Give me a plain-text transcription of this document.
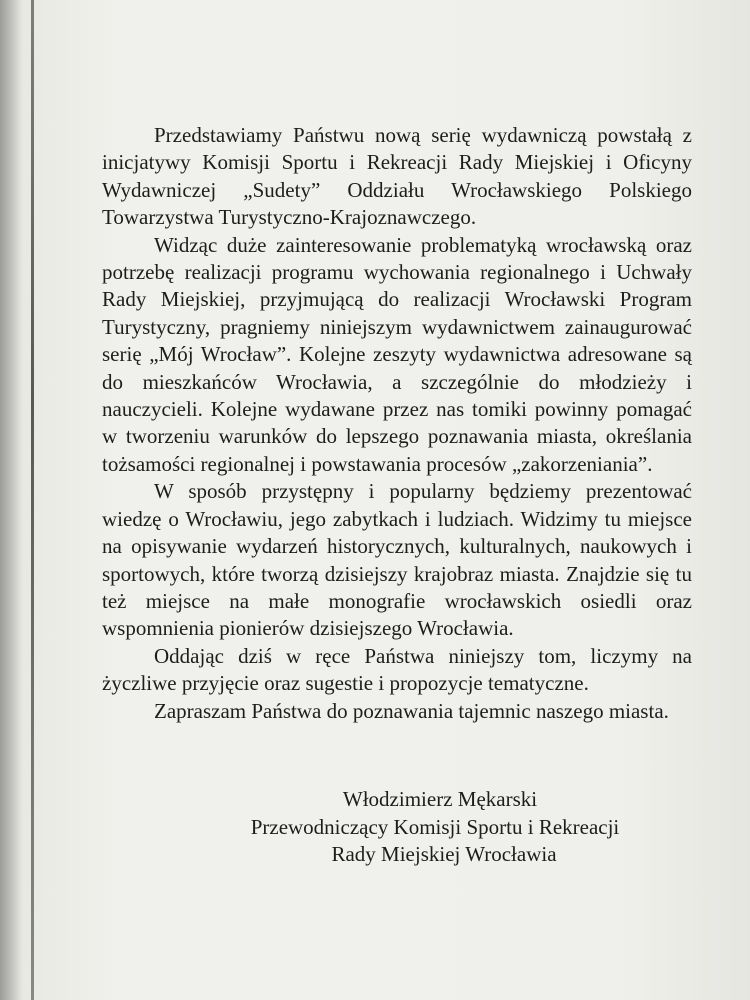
Przedstawiamy Państwu nową serię wydawniczą powstałą z inicjatywy Komisji Sportu i Rekreacji Rady Miejskiej i Oficyny Wydawniczej „Sudety” Oddziału Wrocławskiego Polskiego Towarzystwa Turystyczno-Krajoznawczego.

Widząc duże zainteresowanie problematyką wrocławską oraz potrzebę realizacji programu wychowania regionalnego i Uchwały Rady Miejskiej, przyjmującą do realizacji Wrocławski Program Turystyczny, pragniemy niniejszym wydawnictwem zainaugurować serię „Mój Wrocław”. Kolejne zeszyty wydawnictwa adresowane są do mieszkańców Wrocławia, a szczególnie do młodzieży i nauczycieli. Kolejne wydawane przez nas tomiki powinny pomagać w tworzeniu warunków do lepszego poznawania miasta, określania tożsamości regionalnej i powstawania procesów „zakorzeniania”.

W sposób przystępny i popularny będziemy prezentować wiedzę o Wrocławiu, jego zabytkach i ludziach. Widzimy tu miejsce na opisywanie wydarzeń historycznych, kulturalnych, naukowych i sportowych, które tworzą dzisiejszy krajobraz miasta. Znajdzie się tu też miejsce na małe monografie wrocławskich osiedli oraz wspomnienia pionierów dzisiejszego Wrocławia.

Oddając dziś w ręce Państwa niniejszy tom, liczymy na życzliwe przyjęcie oraz sugestie i propozycje tematyczne.

Zapraszam Państwa do poznawania tajemnic naszego miasta.

Włodzimierz Mękarski
Przewodniczący Komisji Sportu i Rekreacji
Rady Miejskiej Wrocławia
